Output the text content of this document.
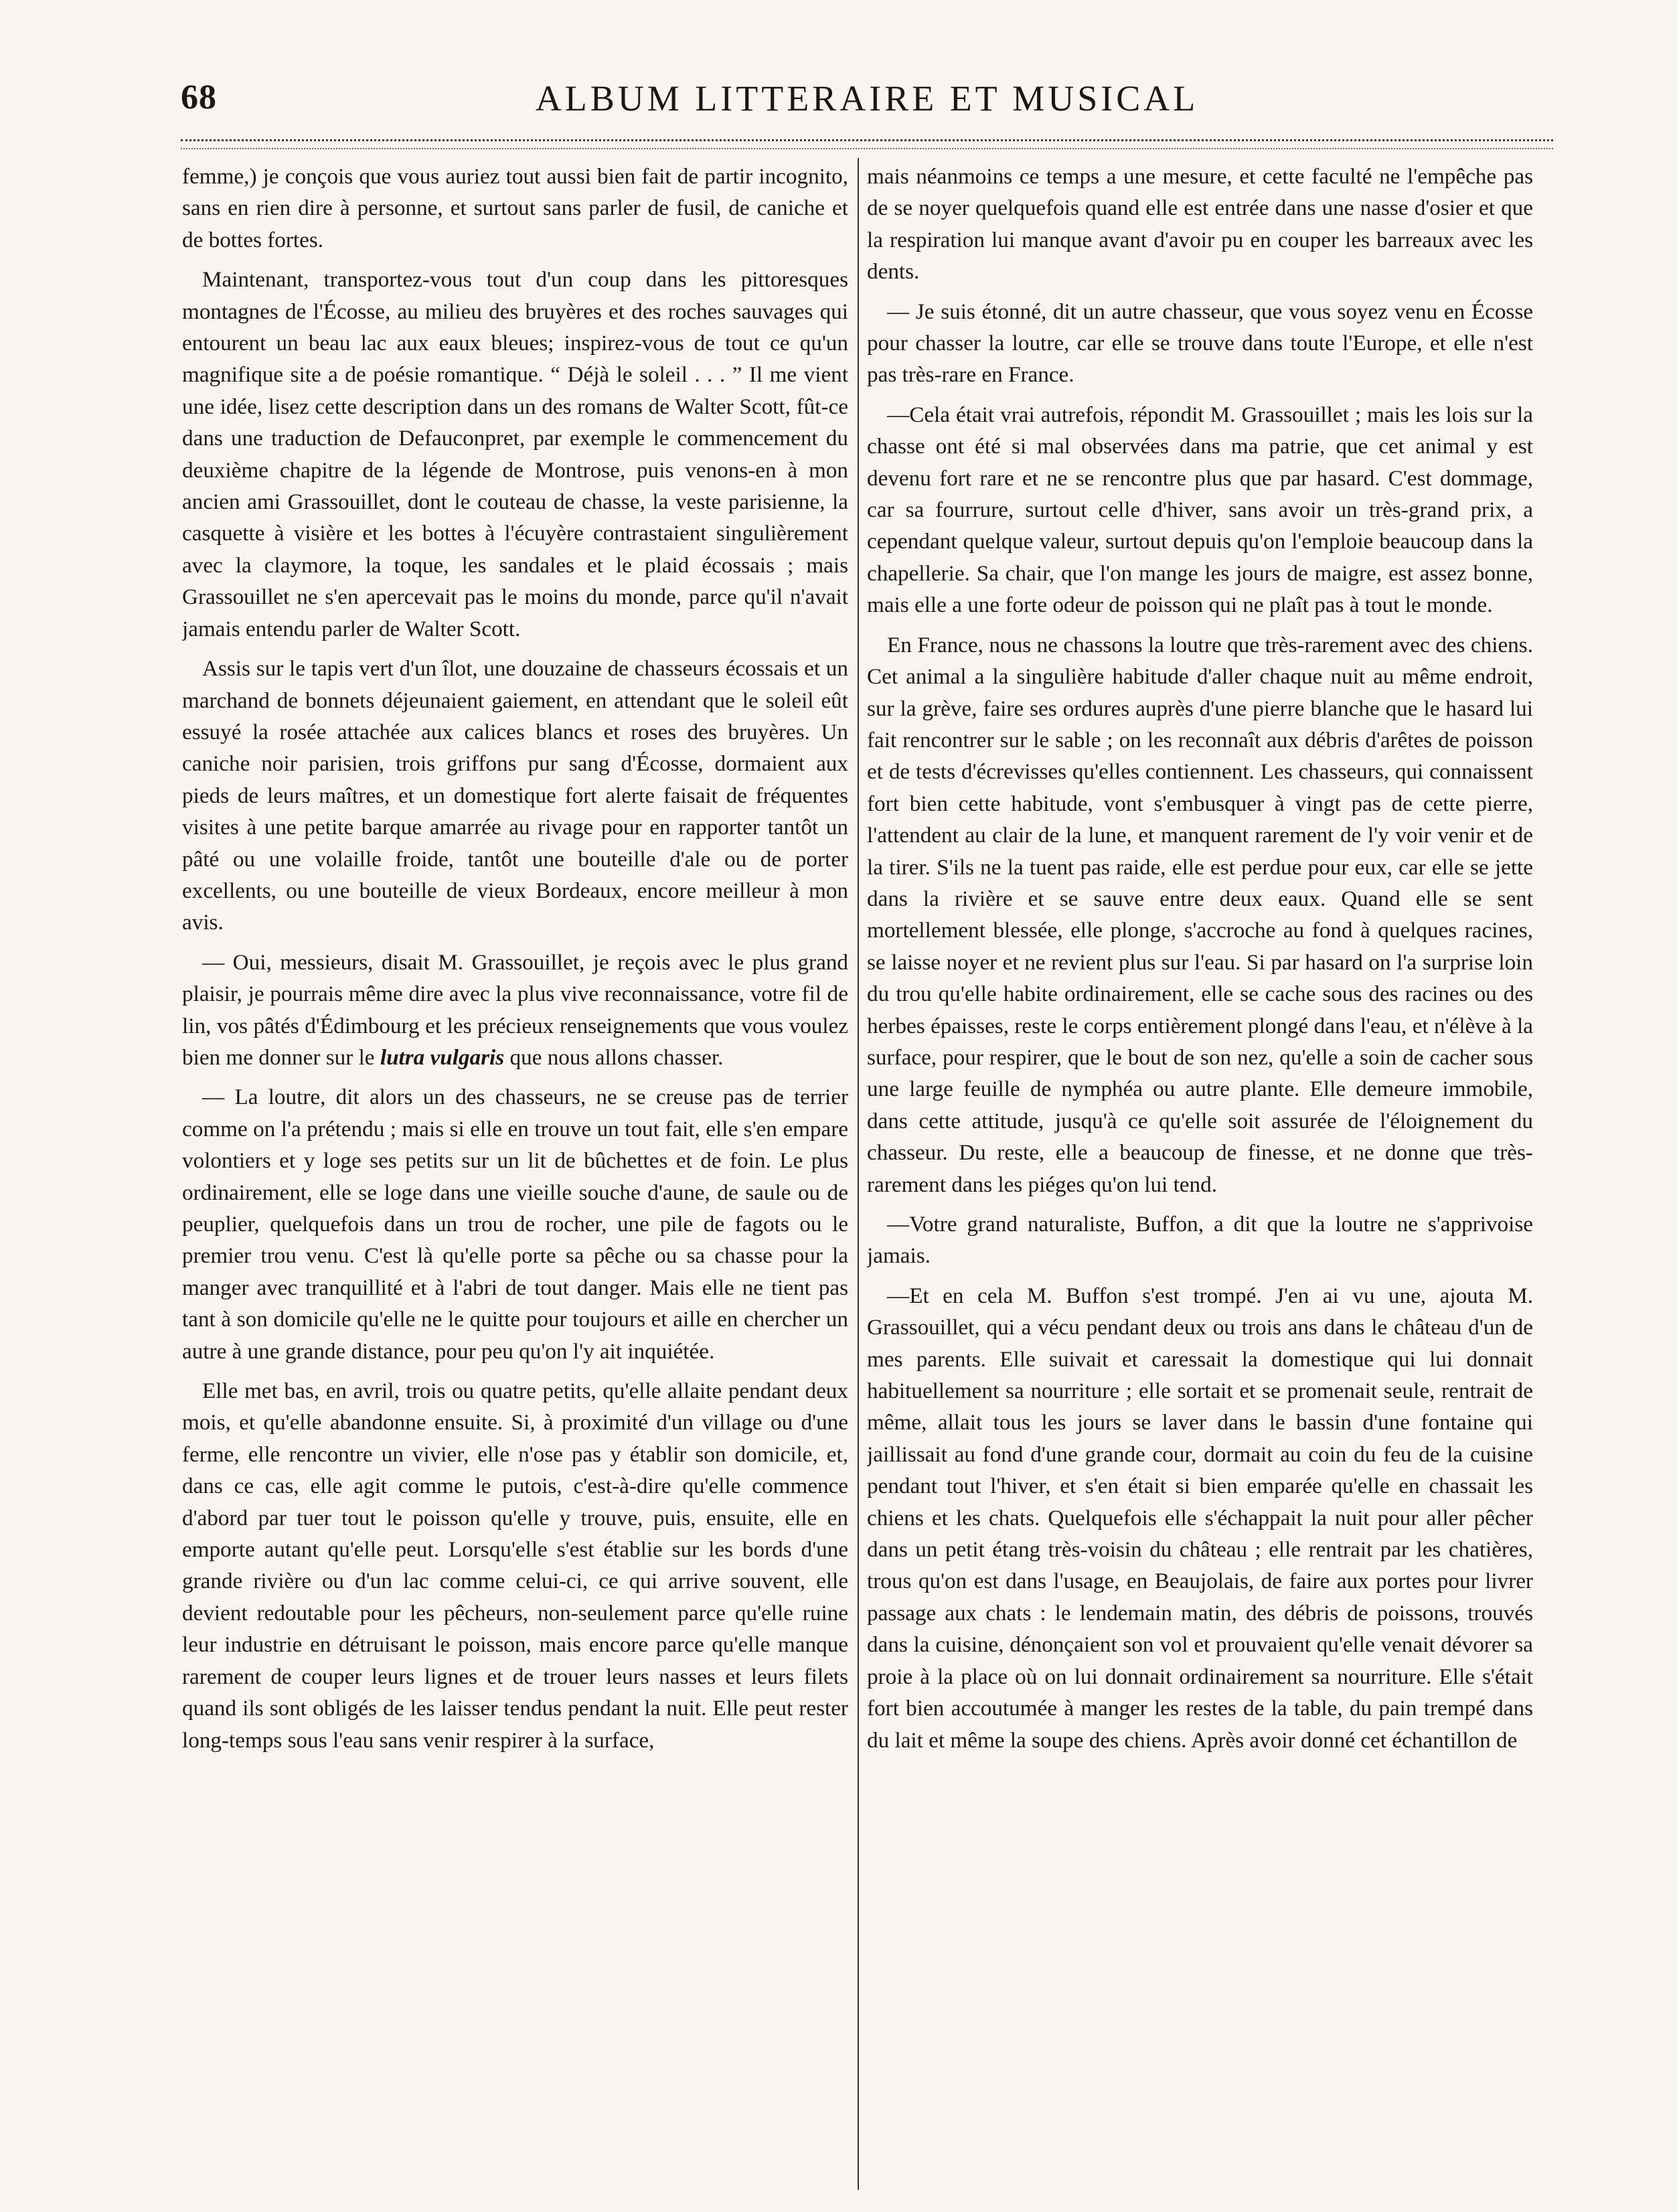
68	ALBUM LITTERAIRE ET MUSICAL

femme,) je conçois que vous auriez tout aussi bien fait de partir incognito, sans en rien dire à personne, et surtout sans parler de fusil, de caniche et de bottes fortes.

Maintenant, transportez-vous tout d'un coup dans les pittoresques montagnes de l'Écosse, au milieu des bruyères et des roches sauvages qui entourent un beau lac aux eaux bleues; inspirez-vous de tout ce qu'un magnifique site a de poésie romantique. “ Déjà le soleil . . . ” Il me vient une idée, lisez cette description dans un des romans de Walter Scott, fût-ce dans une traduction de Defauconpret, par exemple le commencement du deuxième chapitre de la légende de Montrose, puis venons-en à mon ancien ami Grassouillet, dont le couteau de chasse, la veste parisienne, la casquette à visière et les bottes à l'écuyère contrastaient singulièrement avec la claymore, la toque, les sandales et le plaid écossais ; mais Grassouillet ne s'en apercevait pas le moins du monde, parce qu'il n'avait jamais entendu parler de Walter Scott.

Assis sur le tapis vert d'un îlot, une douzaine de chasseurs écossais et un marchand de bonnets déjeunaient gaiement, en attendant que le soleil eût essuyé la rosée attachée aux calices blancs et roses des bruyères. Un caniche noir parisien, trois griffons pur sang d'Écosse, dormaient aux pieds de leurs maîtres, et un domestique fort alerte faisait de fréquentes visites à une petite barque amarrée au rivage pour en rapporter tantôt un pâté ou une volaille froide, tantôt une bouteille d'ale ou de porter excellents, ou une bouteille de vieux Bordeaux, encore meilleur à mon avis.

— Oui, messieurs, disait M. Grassouillet, je reçois avec le plus grand plaisir, je pourrais même dire avec la plus vive reconnaissance, votre fil de lin, vos pâtés d'Édimbourg et les précieux renseignements que vous voulez bien me donner sur le lutra vulgaris que nous allons chasser.

— La loutre, dit alors un des chasseurs, ne se creuse pas de terrier comme on l'a prétendu ; mais si elle en trouve un tout fait, elle s'en empare volontiers et y loge ses petits sur un lit de bûchettes et de foin. Le plus ordinairement, elle se loge dans une vieille souche d'aune, de saule ou de peuplier, quelquefois dans un trou de rocher, une pile de fagots ou le premier trou venu. C'est là qu'elle porte sa pêche ou sa chasse pour la manger avec tranquillité et à l'abri de tout danger. Mais elle ne tient pas tant à son domicile qu'elle ne le quitte pour toujours et aille en chercher un autre à une grande distance, pour peu qu'on l'y ait inquiétée.

Elle met bas, en avril, trois ou quatre petits, qu'elle allaite pendant deux mois, et qu'elle abandonne ensuite. Si, à proximité d'un village ou d'une ferme, elle rencontre un vivier, elle n'ose pas y établir son domicile, et, dans ce cas, elle agit comme le putois, c'est-à-dire qu'elle commence d'abord par tuer tout le poisson qu'elle y trouve, puis, ensuite, elle en emporte autant qu'elle peut. Lorsqu'elle s'est établie sur les bords d'une grande rivière ou d'un lac comme celui-ci, ce qui arrive souvent, elle devient redoutable pour les pêcheurs, non-seulement parce qu'elle ruine leur industrie en détruisant le poisson, mais encore parce qu'elle manque rarement de couper leurs lignes et de trouer leurs nasses et leurs filets quand ils sont obligés de les laisser tendus pendant la nuit. Elle peut rester long-temps sous l'eau sans venir respirer à la surface,

mais néanmoins ce temps a une mesure, et cette faculté ne l'empêche pas de se noyer quelquefois quand elle est entrée dans une nasse d'osier et que la respiration lui manque avant d'avoir pu en couper les barreaux avec les dents.

— Je suis étonné, dit un autre chasseur, que vous soyez venu en Écosse pour chasser la loutre, car elle se trouve dans toute l'Europe, et elle n'est pas très-rare en France.

—Cela était vrai autrefois, répondit M. Grassouillet ; mais les lois sur la chasse ont été si mal observées dans ma patrie, que cet animal y est devenu fort rare et ne se rencontre plus que par hasard. C'est dommage, car sa fourrure, surtout celle d'hiver, sans avoir un très-grand prix, a cependant quelque valeur, surtout depuis qu'on l'emploie beaucoup dans la chapellerie. Sa chair, que l'on mange les jours de maigre, est assez bonne, mais elle a une forte odeur de poisson qui ne plaît pas à tout le monde.

En France, nous ne chassons la loutre que très-rarement avec des chiens. Cet animal a la singulière habitude d'aller chaque nuit au même endroit, sur la grève, faire ses ordures auprès d'une pierre blanche que le hasard lui fait rencontrer sur le sable ; on les reconnaît aux débris d'arêtes de poisson et de tests d'écrevisses qu'elles contiennent. Les chasseurs, qui connaissent fort bien cette habitude, vont s'embusquer à vingt pas de cette pierre, l'attendent au clair de la lune, et manquent rarement de l'y voir venir et de la tirer. S'ils ne la tuent pas raide, elle est perdue pour eux, car elle se jette dans la rivière et se sauve entre deux eaux. Quand elle se sent mortellement blessée, elle plonge, s'accroche au fond à quelques racines, se laisse noyer et ne revient plus sur l'eau. Si par hasard on l'a surprise loin du trou qu'elle habite ordinairement, elle se cache sous des racines ou des herbes épaisses, reste le corps entièrement plongé dans l'eau, et n'élève à la surface, pour respirer, que le bout de son nez, qu'elle a soin de cacher sous une large feuille de nymphéa ou autre plante. Elle demeure immobile, dans cette attitude, jusqu'à ce qu'elle soit assurée de l'éloignement du chasseur. Du reste, elle a beaucoup de finesse, et ne donne que très-rarement dans les piéges qu'on lui tend.

—Votre grand naturaliste, Buffon, a dit que la loutre ne s'apprivoise jamais.

—Et en cela M. Buffon s'est trompé. J'en ai vu une, ajouta M. Grassouillet, qui a vécu pendant deux ou trois ans dans le château d'un de mes parents. Elle suivait et caressait la domestique qui lui donnait habituellement sa nourriture ; elle sortait et se promenait seule, rentrait de même, allait tous les jours se laver dans le bassin d'une fontaine qui jaillissait au fond d'une grande cour, dormait au coin du feu de la cuisine pendant tout l'hiver, et s'en était si bien emparée qu'elle en chassait les chiens et les chats. Quelquefois elle s'échappait la nuit pour aller pêcher dans un petit étang très-voisin du château ; elle rentrait par les chatières, trous qu'on est dans l'usage, en Beaujolais, de faire aux portes pour livrer passage aux chats : le lendemain matin, des débris de poissons, trouvés dans la cuisine, dénonçaient son vol et prouvaient qu'elle venait dévorer sa proie à la place où on lui donnait ordinairement sa nourriture. Elle s'était fort bien accoutumée à manger les restes de la table, du pain trempé dans du lait et même la soupe des chiens. Après avoir donné cet échantillon de
